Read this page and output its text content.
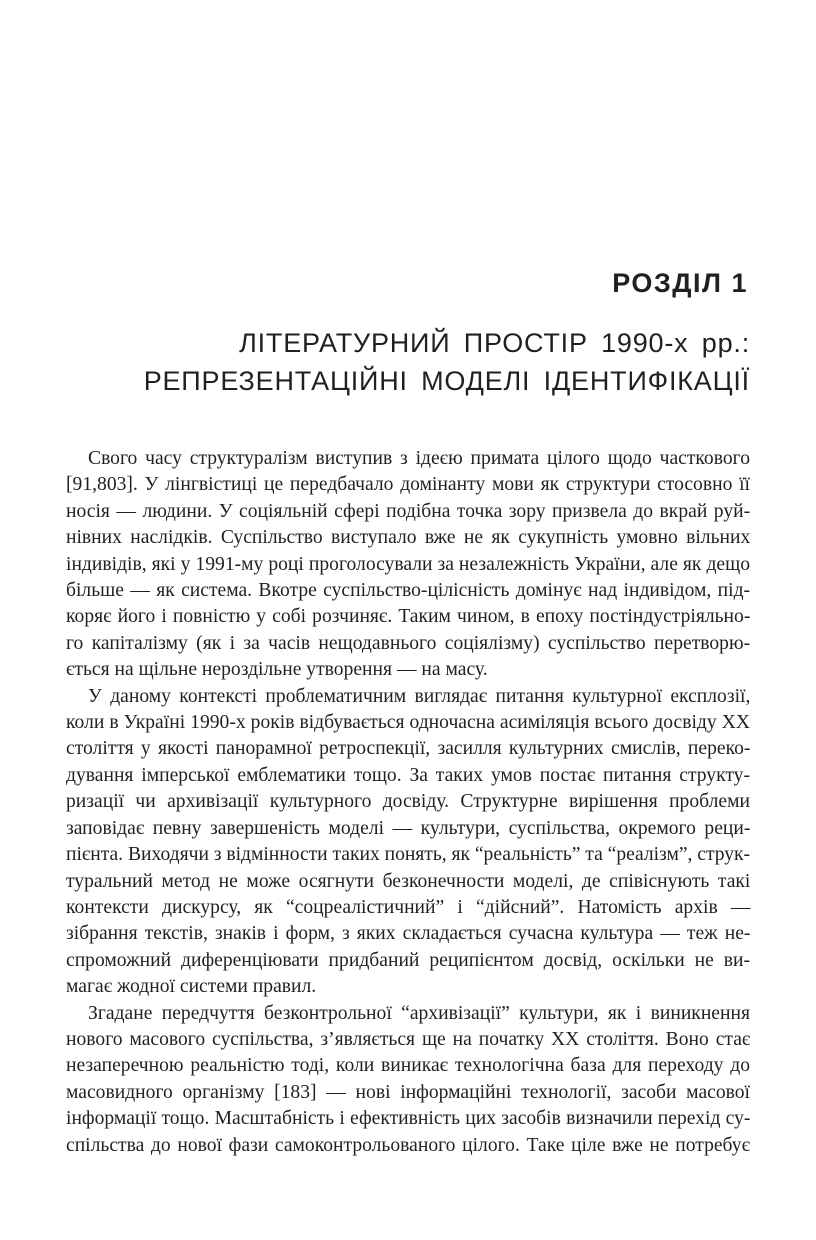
РОЗДІЛ 1
ЛІТЕРАТУРНИЙ ПРОСТІР 1990-х рр.:
РЕПРЕЗЕНТАЦІЙНІ МОДЕЛІ ІДЕНТИФІКАЦІЇ

Свого часу структуралізм виступив з ідеєю примата цілого щодо часткового
[91,803]. У лінгвістиці це передбачало домінанту мови як структури стосовно її
носія — людини. У соціяльній сфері подібна точка зору призвела до вкрай руй-
нівних наслідків. Суспільство виступало вже не як сукупність умовно вільних
індивідів, які у 1991-му році проголосували за незалежність України, але як дещо
більше — як система. Вкотре суспільство-цілісність домінує над індивідом, під-
коряє його і повністю у собі розчиняє. Таким чином, в епоху постіндустріяльно-
го капіталізму (як і за часів нещодавнього соціялізму) суспільство перетворю-
ється на щільне нероздільне утворення — на масу.

У даному контексті проблематичним виглядає питання культурної експлозії,
коли в Україні 1990-х років відбувається одночасна асиміляція всього досвіду XX
століття у якості панорамної ретроспекції, засилля культурних смислів, переко-
дування імперської емблематики тощо. За таких умов постає питання структу-
ризації чи архивізації культурного досвіду. Структурне вирішення проблеми
заповідає певну завершеність моделі — культури, суспільства, окремого реци-
пієнта. Виходячи з відмінности таких понять, як “реальність” та “реалізм”, струк-
туральний метод не може осягнути безконечности моделі, де співіснують такі
контексти дискурсу, як “соцреалістичний” і “дійсний”. Натомість архів —
зібрання текстів, знаків і форм, з яких складається сучасна культура — теж не-
спроможний диференціювати придбаний реципієнтом досвід, оскільки не ви-
магає жодної системи правил.

Згадане передчуття безконтрольної “архивізації” культури, як і виникнення
нового масового суспільства, з’являється ще на початку XX століття. Воно стає
незаперечною реальністю тоді, коли виникає технологічна база для переходу до
масовидного організму [183] — нові інформаційні технології, засоби масової
інформації тощо. Масштабність і ефективність цих засобів визначили перехід су-
спільства до нової фази самоконтрольованого цілого. Таке ціле вже не потребує
